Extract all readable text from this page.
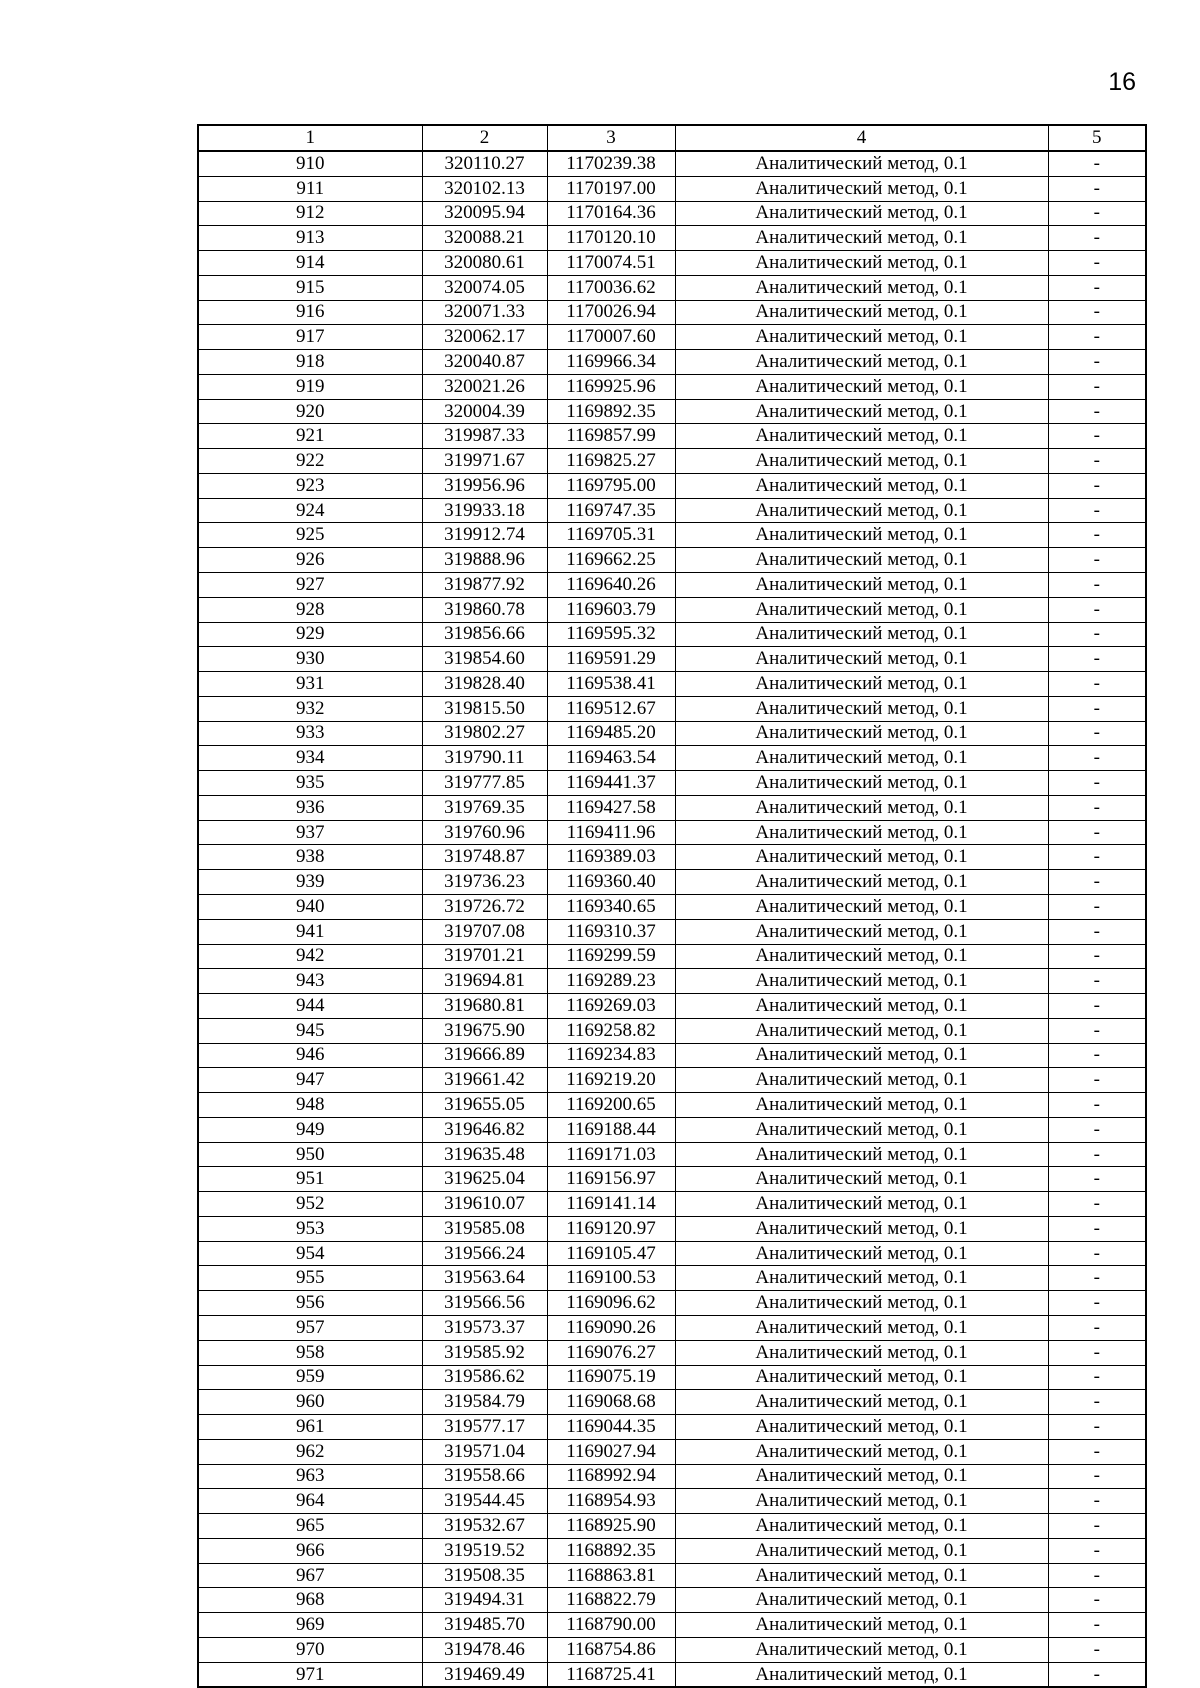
16
1	2	3	4	5
910	320110.27	1170239.38	Аналитический метод, 0.1	-
911	320102.13	1170197.00	Аналитический метод, 0.1	-
912	320095.94	1170164.36	Аналитический метод, 0.1	-
913	320088.21	1170120.10	Аналитический метод, 0.1	-
914	320080.61	1170074.51	Аналитический метод, 0.1	-
915	320074.05	1170036.62	Аналитический метод, 0.1	-
916	320071.33	1170026.94	Аналитический метод, 0.1	-
917	320062.17	1170007.60	Аналитический метод, 0.1	-
918	320040.87	1169966.34	Аналитический метод, 0.1	-
919	320021.26	1169925.96	Аналитический метод, 0.1	-
920	320004.39	1169892.35	Аналитический метод, 0.1	-
921	319987.33	1169857.99	Аналитический метод, 0.1	-
922	319971.67	1169825.27	Аналитический метод, 0.1	-
923	319956.96	1169795.00	Аналитический метод, 0.1	-
924	319933.18	1169747.35	Аналитический метод, 0.1	-
925	319912.74	1169705.31	Аналитический метод, 0.1	-
926	319888.96	1169662.25	Аналитический метод, 0.1	-
927	319877.92	1169640.26	Аналитический метод, 0.1	-
928	319860.78	1169603.79	Аналитический метод, 0.1	-
929	319856.66	1169595.32	Аналитический метод, 0.1	-
930	319854.60	1169591.29	Аналитический метод, 0.1	-
931	319828.40	1169538.41	Аналитический метод, 0.1	-
932	319815.50	1169512.67	Аналитический метод, 0.1	-
933	319802.27	1169485.20	Аналитический метод, 0.1	-
934	319790.11	1169463.54	Аналитический метод, 0.1	-
935	319777.85	1169441.37	Аналитический метод, 0.1	-
936	319769.35	1169427.58	Аналитический метод, 0.1	-
937	319760.96	1169411.96	Аналитический метод, 0.1	-
938	319748.87	1169389.03	Аналитический метод, 0.1	-
939	319736.23	1169360.40	Аналитический метод, 0.1	-
940	319726.72	1169340.65	Аналитический метод, 0.1	-
941	319707.08	1169310.37	Аналитический метод, 0.1	-
942	319701.21	1169299.59	Аналитический метод, 0.1	-
943	319694.81	1169289.23	Аналитический метод, 0.1	-
944	319680.81	1169269.03	Аналитический метод, 0.1	-
945	319675.90	1169258.82	Аналитический метод, 0.1	-
946	319666.89	1169234.83	Аналитический метод, 0.1	-
947	319661.42	1169219.20	Аналитический метод, 0.1	-
948	319655.05	1169200.65	Аналитический метод, 0.1	-
949	319646.82	1169188.44	Аналитический метод, 0.1	-
950	319635.48	1169171.03	Аналитический метод, 0.1	-
951	319625.04	1169156.97	Аналитический метод, 0.1	-
952	319610.07	1169141.14	Аналитический метод, 0.1	-
953	319585.08	1169120.97	Аналитический метод, 0.1	-
954	319566.24	1169105.47	Аналитический метод, 0.1	-
955	319563.64	1169100.53	Аналитический метод, 0.1	-
956	319566.56	1169096.62	Аналитический метод, 0.1	-
957	319573.37	1169090.26	Аналитический метод, 0.1	-
958	319585.92	1169076.27	Аналитический метод, 0.1	-
959	319586.62	1169075.19	Аналитический метод, 0.1	-
960	319584.79	1169068.68	Аналитический метод, 0.1	-
961	319577.17	1169044.35	Аналитический метод, 0.1	-
962	319571.04	1169027.94	Аналитический метод, 0.1	-
963	319558.66	1168992.94	Аналитический метод, 0.1	-
964	319544.45	1168954.93	Аналитический метод, 0.1	-
965	319532.67	1168925.90	Аналитический метод, 0.1	-
966	319519.52	1168892.35	Аналитический метод, 0.1	-
967	319508.35	1168863.81	Аналитический метод, 0.1	-
968	319494.31	1168822.79	Аналитический метод, 0.1	-
969	319485.70	1168790.00	Аналитический метод, 0.1	-
970	319478.46	1168754.86	Аналитический метод, 0.1	-
971	319469.49	1168725.41	Аналитический метод, 0.1	-
